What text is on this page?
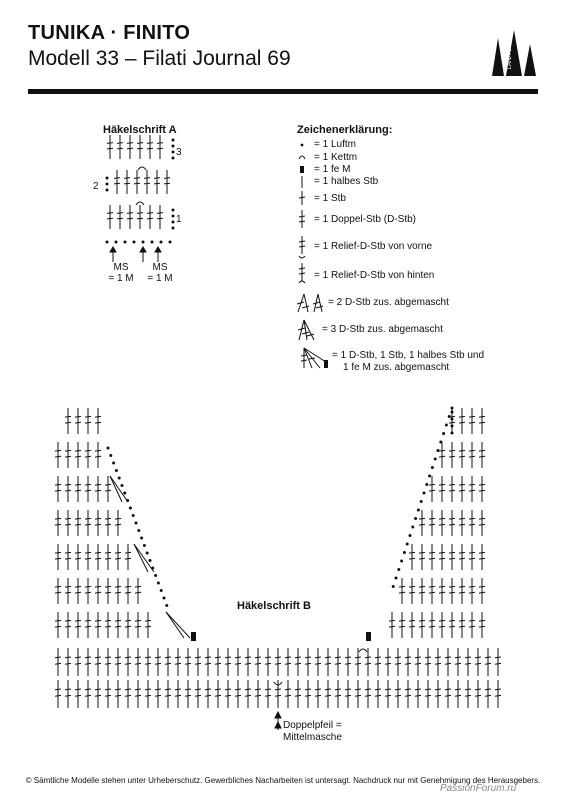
TUNIKA · FINITO
Modell 33 – Filati Journal 69	LANA GROSSA
Häkelschrift A
3
2
1
MS
= 1 M
MS
= 1 M
Zeichenerklärung:
= 1 Luftm
= 1 Kettm
= 1 fe M
= 1 halbes Stb
= 1 Stb
= 1 Doppel-Stb (D-Stb)
= 1 Relief-D-Stb von vorne
= 1 Relief-D-Stb von hinten
= 2 D-Stb zus. abgemascht
= 3 D-Stb zus. abgemascht
= 1 D-Stb, 1 Stb, 1 halbes Stb und
1 fe M zus. abgemascht
Häkelschrift B
Doppelpfeil =
Mittelmasche
© Sämtliche Modelle stehen unter Urheberschutz. Gewerbliches Nacharbeiten ist untersagt. Nachdruck nur mit Genehmigung des Herausgebers.
PassionForum.ru
